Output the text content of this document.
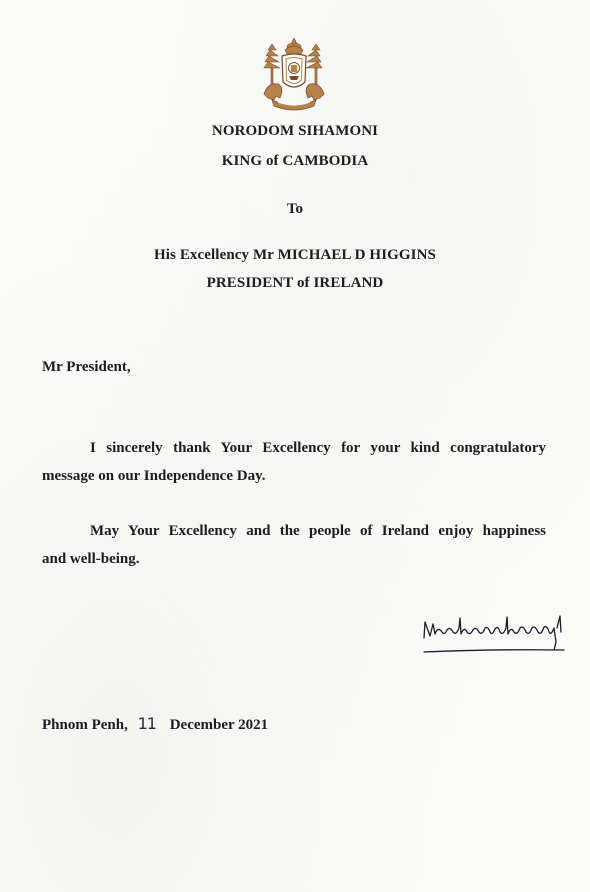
NORODOM SIHAMONI
KING of CAMBODIA
To
His Excellency Mr MICHAEL D HIGGINS
PRESIDENT of IRELAND
Mr President,
I sincerely thank Your Excellency for your kind congratulatory
message on our Independence Day.
May Your Excellency and the people of Ireland enjoy happiness
and well-being.
Phnom Penh, 11 December 2021
